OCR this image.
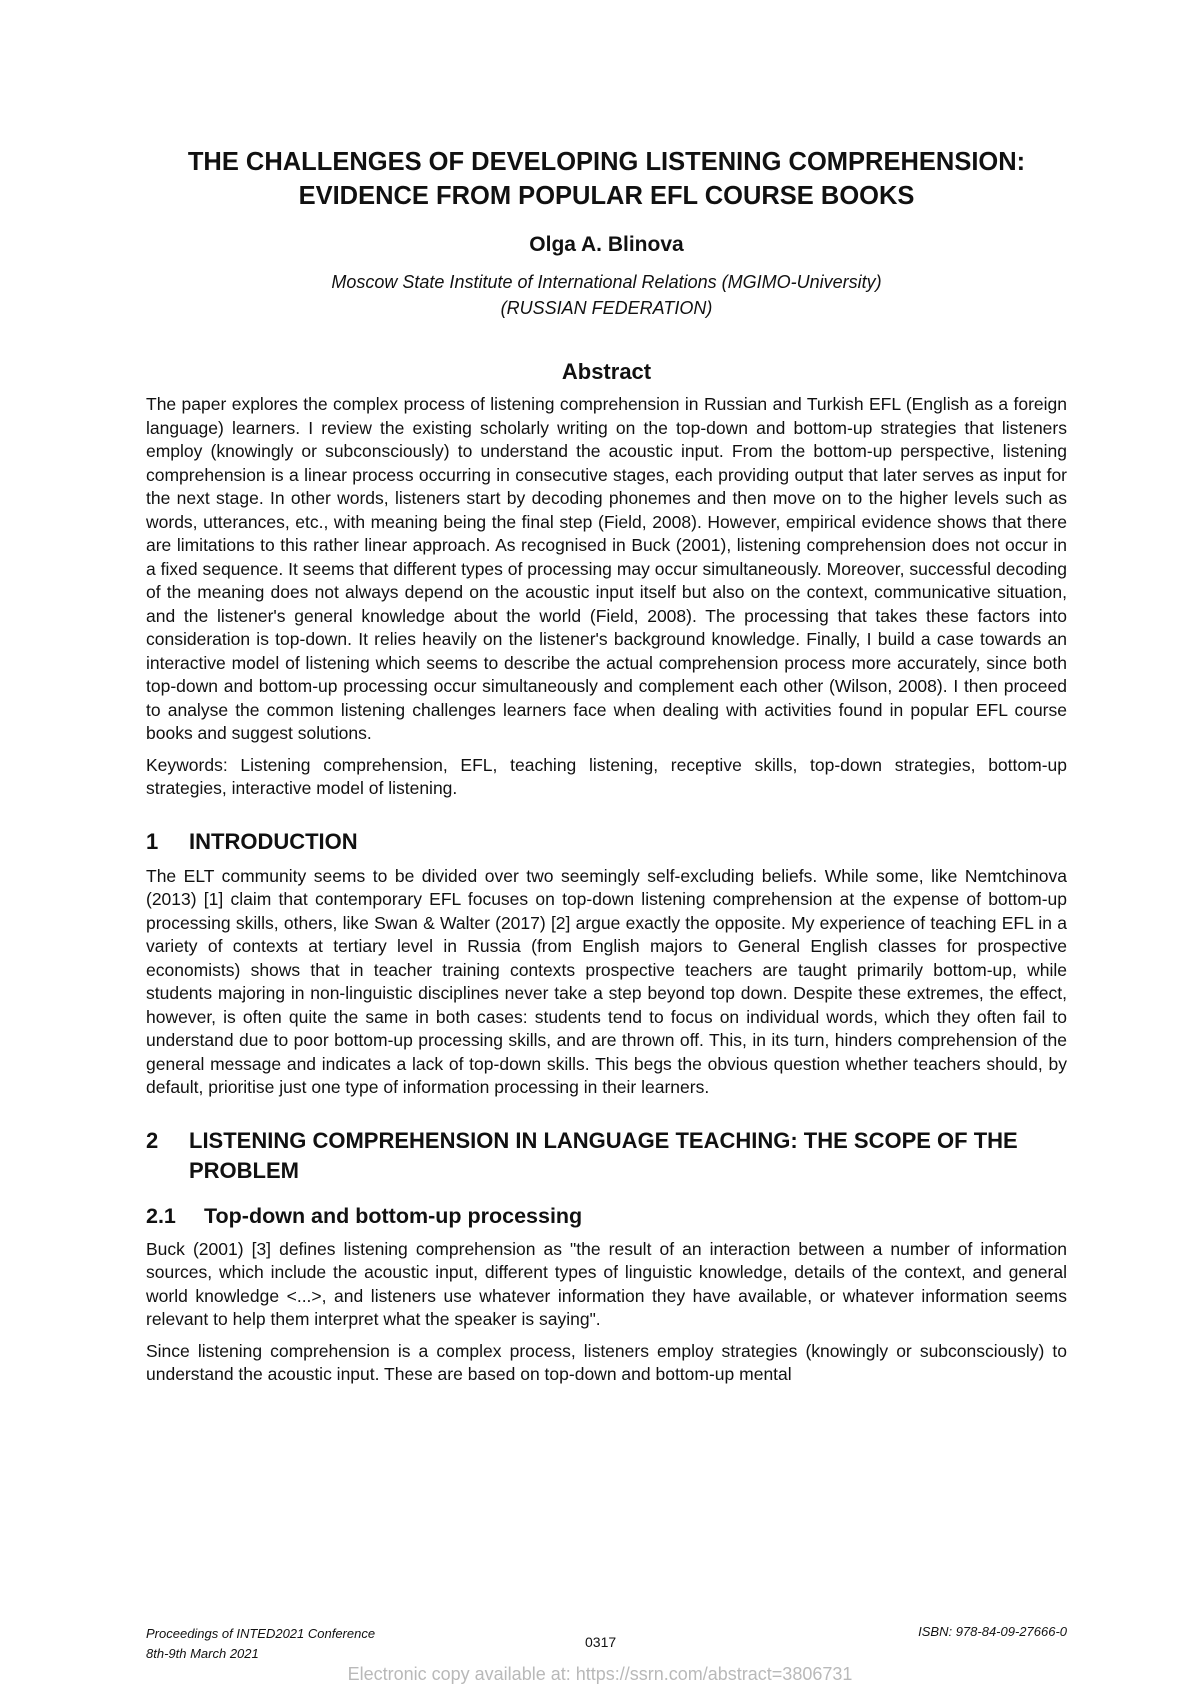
THE CHALLENGES OF DEVELOPING LISTENING COMPREHENSION: EVIDENCE FROM POPULAR EFL COURSE BOOKS
Olga A. Blinova
Moscow State Institute of International Relations (MGIMO-University)
(RUSSIAN FEDERATION)
Abstract

The paper explores the complex process of listening comprehension in Russian and Turkish EFL (English as a foreign language) learners. I review the existing scholarly writing on the top-down and bottom-up strategies that listeners employ (knowingly or subconsciously) to understand the acoustic input. From the bottom-up perspective, listening comprehension is a linear process occurring in consecutive stages, each providing output that later serves as input for the next stage. In other words, listeners start by decoding phonemes and then move on to the higher levels such as words, utterances, etc., with meaning being the final step (Field, 2008). However, empirical evidence shows that there are limitations to this rather linear approach. As recognised in Buck (2001), listening comprehension does not occur in a fixed sequence. It seems that different types of processing may occur simultaneously. Moreover, successful decoding of the meaning does not always depend on the acoustic input itself but also on the context, communicative situation, and the listener's general knowledge about the world (Field, 2008). The processing that takes these factors into consideration is top-down. It relies heavily on the listener's background knowledge. Finally, I build a case towards an interactive model of listening which seems to describe the actual comprehension process more accurately, since both top-down and bottom-up processing occur simultaneously and complement each other (Wilson, 2008). I then proceed to analyse the common listening challenges learners face when dealing with activities found in popular EFL course books and suggest solutions.

Keywords: Listening comprehension, EFL, teaching listening, receptive skills, top-down strategies, bottom-up strategies, interactive model of listening.

1	INTRODUCTION

The ELT community seems to be divided over two seemingly self-excluding beliefs. While some, like Nemtchinova (2013) [1] claim that contemporary EFL focuses on top-down listening comprehension at the expense of bottom-up processing skills, others, like Swan & Walter (2017) [2] argue exactly the opposite. My experience of teaching EFL in a variety of contexts at tertiary level in Russia (from English majors to General English classes for prospective economists) shows that in teacher training contexts prospective teachers are taught primarily bottom-up, while students majoring in non-linguistic disciplines never take a step beyond top down. Despite these extremes, the effect, however, is often quite the same in both cases: students tend to focus on individual words, which they often fail to understand due to poor bottom-up processing skills, and are thrown off. This, in its turn, hinders comprehension of the general message and indicates a lack of top-down skills. This begs the obvious question whether teachers should, by default, prioritise just one type of information processing in their learners.

2	LISTENING COMPREHENSION IN LANGUAGE TEACHING: THE SCOPE OF THE PROBLEM
2.1	Top-down and bottom-up processing

Buck (2001) [3] defines listening comprehension as "the result of an interaction between a number of information sources, which include the acoustic input, different types of linguistic knowledge, details of the context, and general world knowledge <...>, and listeners use whatever information they have available, or whatever information seems relevant to help them interpret what the speaker is saying".

Since listening comprehension is a complex process, listeners employ strategies (knowingly or subconsciously) to understand the acoustic input. These are based on top-down and bottom-up mental

Proceedings of INTED2021 Conference
8th-9th March 2021
0317
ISBN: 978-84-09-27666-0
Electronic copy available at: https://ssrn.com/abstract=3806731
